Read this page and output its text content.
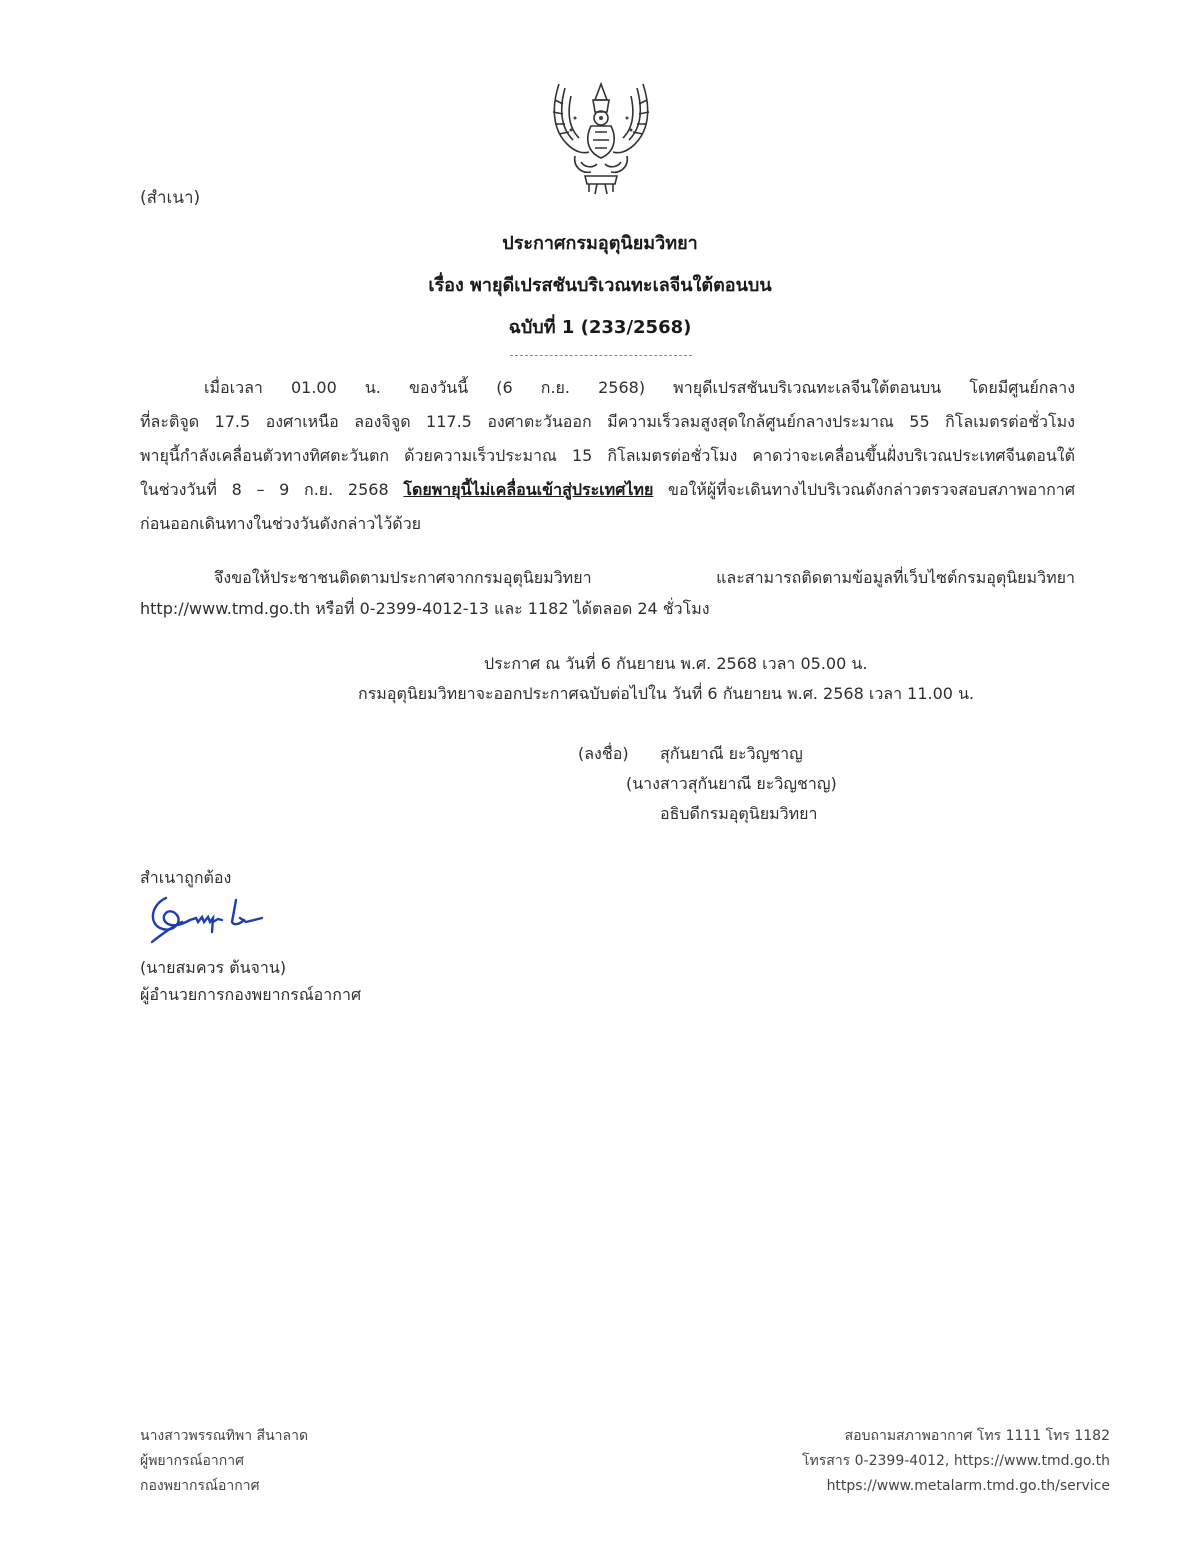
(สำเนา)
ประกาศกรมอุตุนิยมวิทยา
เรื่อง พายุดีเปรสชันบริเวณทะเลจีนใต้ตอนบน
ฉบับที่ 1 (233/2568)
เมื่อเวลา 01.00 น. ของวันนี้ (6 ก.ย. 2568) พายุดีเปรสชันบริเวณทะเลจีนใต้ตอนบน โดยมีศูนย์กลาง
ที่ละติจูด 17.5 องศาเหนือ ลองจิจูด 117.5 องศาตะวันออก มีความเร็วลมสูงสุดใกล้ศูนย์กลางประมาณ 55 กิโลเมตรต่อชั่วโมง
พายุนี้กำลังเคลื่อนตัวทางทิศตะวันตก ด้วยความเร็วประมาณ 15 กิโลเมตรต่อชั่วโมง คาดว่าจะเคลื่อนขึ้นฝั่งบริเวณประเทศจีนตอนใต้
ในช่วงวันที่ 8 – 9 ก.ย. 2568 โดยพายุนี้ไม่เคลื่อนเข้าสู่ประเทศไทย ขอให้ผู้ที่จะเดินทางไปบริเวณดังกล่าวตรวจสอบสภาพอากาศ
ก่อนออกเดินทางในช่วงวันดังกล่าวไว้ด้วย
จึงขอให้ประชาชนติดตามประกาศจากกรมอุตุนิยมวิทยา และสามารถติดตามข้อมูลที่เว็บไซต์กรมอุตุนิยมวิทยา
http://www.tmd.go.th หรือที่ 0-2399-4012-13 และ 1182 ได้ตลอด 24 ชั่วโมง
ประกาศ ณ วันที่ 6 กันยายน พ.ศ. 2568 เวลา 05.00 น.
กรมอุตุนิยมวิทยาจะออกประกาศฉบับต่อไปใน วันที่ 6 กันยายน พ.ศ. 2568 เวลา 11.00 น.
(ลงชื่อ) สุกันยาณี ยะวิญชาญ
(นางสาวสุกันยาณี ยะวิญชาญ)
อธิบดีกรมอุตุนิยมวิทยา
สำเนาถูกต้อง
(นายสมควร ต้นจาน)
ผู้อำนวยการกองพยากรณ์อากาศ
นางสาวพรรณทิพา สีนาลาด
ผู้พยากรณ์อากาศ
กองพยากรณ์อากาศ
สอบถามสภาพอากาศ โทร 1111 โทร 1182
โทรสาร 0-2399-4012, https://www.tmd.go.th
https://www.metalarm.tmd.go.th/service
